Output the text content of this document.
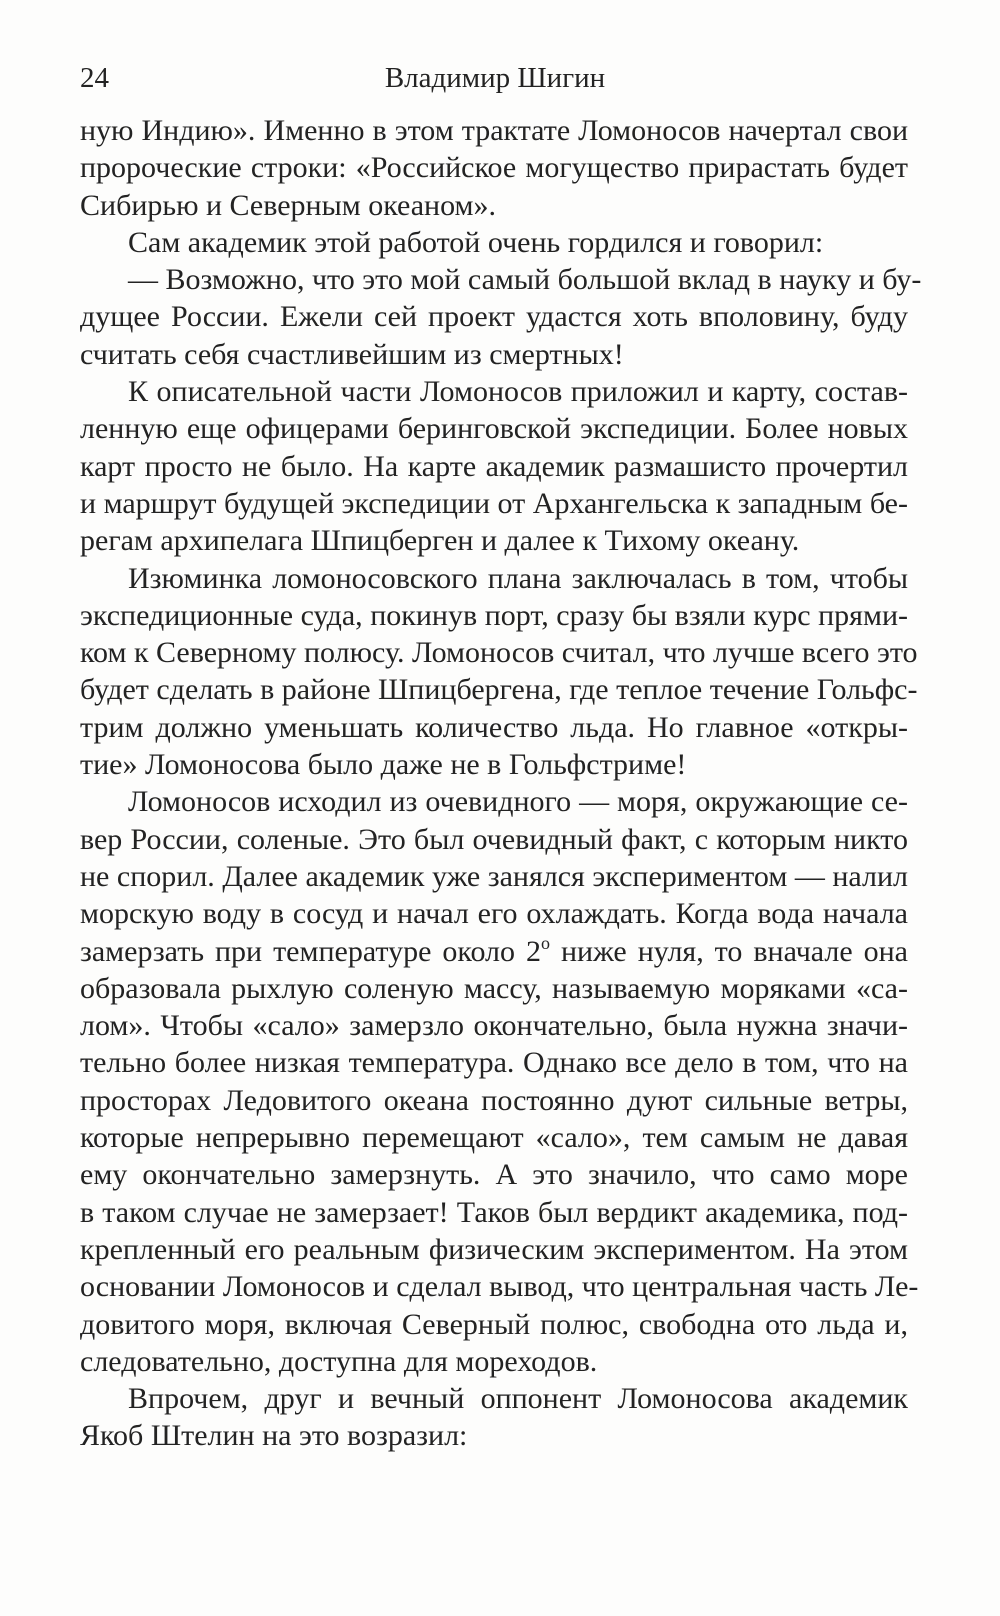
24	Владимир Шигин
ную Индию». Именно в этом трактате Ломоносов начертал свои
пророческие строки: «Российское могущество прирастать будет
Сибирью и Северным океаном».
Сам академик этой работой очень гордился и говорил:
— Возможно, что это мой самый большой вклад в науку и бу-
дущее России. Ежели сей проект удастся хоть вполовину, буду
считать себя счастливейшим из смертных!
К описательной части Ломоносов приложил и карту, состав-
ленную еще офицерами беринговской экспедиции. Более новых
карт просто не было. На карте академик размашисто прочертил
и маршрут будущей экспедиции от Архангельска к западным бе-
регам архипелага Шпицберген и далее к Тихому океану.
Изюминка ломоносовского плана заключалась в том, чтобы
экспедиционные суда, покинув порт, сразу бы взяли курс прями-
ком к Северному полюсу. Ломоносов считал, что лучше всего это
будет сделать в районе Шпицбергена, где теплое течение Гольфс-
трим должно уменьшать количество льда. Но главное «откры-
тие» Ломоносова было даже не в Гольфстриме!
Ломоносов исходил из очевидного — моря, окружающие се-
вер России, соленые. Это был очевидный факт, с которым никто
не спорил. Далее академик уже занялся экспериментом — налил
морскую воду в сосуд и начал его охлаждать. Когда вода начала
замерзать при температуре около 2$^o$ ниже нуля, то вначале она
образовала рыхлую соленую массу, называемую моряками «са-
лом». Чтобы «сало» замерзло окончательно, была нужна значи-
тельно более низкая температура. Однако все дело в том, что на
просторах Ледовитого океана постоянно дуют сильные ветры,
которые непрерывно перемещают «сало», тем самым не давая
ему окончательно замерзнуть. А это значило, что само море
в таком случае не замерзает! Таков был вердикт академика, под-
крепленный его реальным физическим экспериментом. На этом
основании Ломоносов и сделал вывод, что центральная часть Ле-
довитого моря, включая Северный полюс, свободна ото льда и,
следовательно, доступна для мореходов.
Впрочем, друг и вечный оппонент Ломоносова академик
Якоб Штелин на это возразил:
